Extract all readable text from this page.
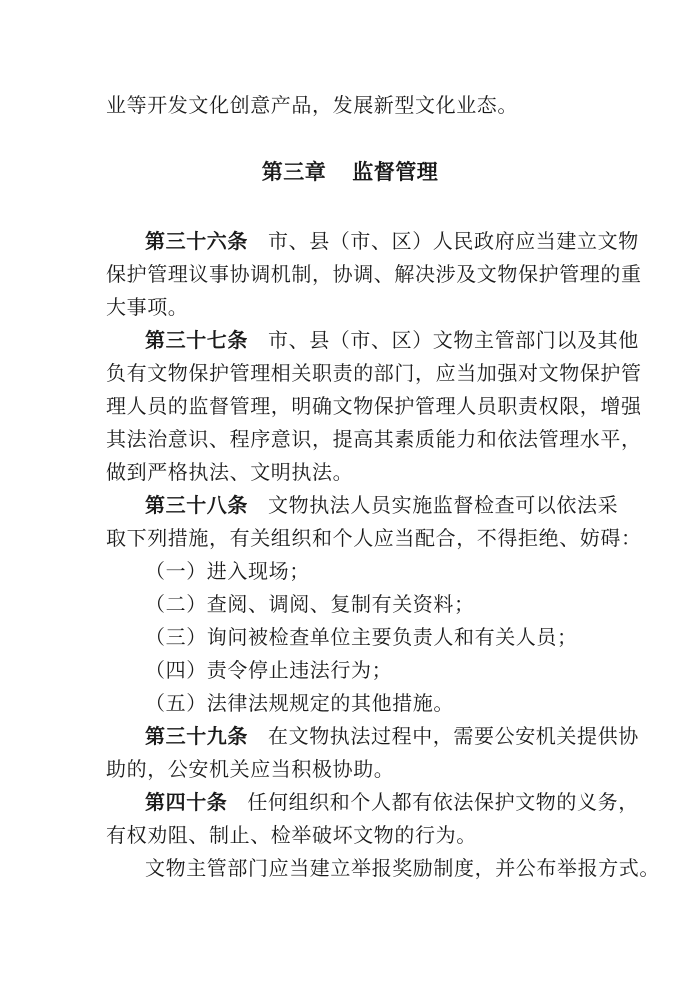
业等开发文化创意产品，发展新型文化业态。
第三章 监督管理
第三十六条 市、县（市、区）人民政府应当建立文物
保护管理议事协调机制，协调、解决涉及文物保护管理的重
大事项。
第三十七条 市、县（市、区）文物主管部门以及其他
负有文物保护管理相关职责的部门，应当加强对文物保护管
理人员的监督管理，明确文物保护管理人员职责权限，增强
其法治意识、程序意识，提高其素质能力和依法管理水平，
做到严格执法、文明执法。
第三十八条 文物执法人员实施监督检查可以依法采
取下列措施，有关组织和个人应当配合，不得拒绝、妨碍：
（一）进入现场；
（二）查阅、调阅、复制有关资料；
（三）询问被检查单位主要负责人和有关人员；
（四）责令停止违法行为；
（五）法律法规规定的其他措施。
第三十九条 在文物执法过程中，需要公安机关提供协
助的，公安机关应当积极协助。
第四十条 任何组织和个人都有依法保护文物的义务，
有权劝阻、制止、检举破坏文物的行为。
文物主管部门应当建立举报奖励制度，并公布举报方式。
